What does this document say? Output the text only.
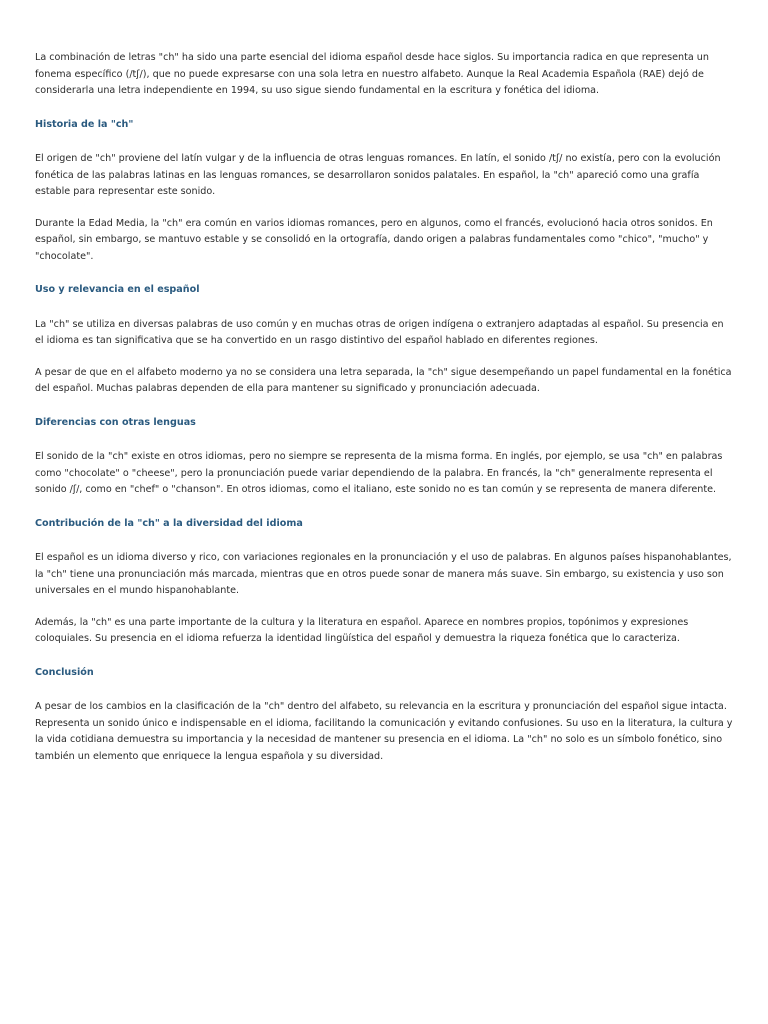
La combinación de letras "ch" ha sido una parte esencial del idioma español desde hace siglos. Su importancia radica en que representa un fonema específico (/tʃ/), que no puede expresarse con una sola letra en nuestro alfabeto. Aunque la Real Academia Española (RAE) dejó de considerarla una letra independiente en 1994, su uso sigue siendo fundamental en la escritura y fonética del idioma.

Historia de la "ch"

El origen de "ch" proviene del latín vulgar y de la influencia de otras lenguas romances. En latín, el sonido /tʃ/ no existía, pero con la evolución fonética de las palabras latinas en las lenguas romances, se desarrollaron sonidos palatales. En español, la "ch" apareció como una grafía estable para representar este sonido.

Durante la Edad Media, la "ch" era común en varios idiomas romances, pero en algunos, como el francés, evolucionó hacia otros sonidos. En español, sin embargo, se mantuvo estable y se consolidó en la ortografía, dando origen a palabras fundamentales como "chico", "mucho" y "chocolate".

Uso y relevancia en el español

La "ch" se utiliza en diversas palabras de uso común y en muchas otras de origen indígena o extranjero adaptadas al español. Su presencia en el idioma es tan significativa que se ha convertido en un rasgo distintivo del español hablado en diferentes regiones.

A pesar de que en el alfabeto moderno ya no se considera una letra separada, la "ch" sigue desempeñando un papel fundamental en la fonética del español. Muchas palabras dependen de ella para mantener su significado y pronunciación adecuada.

Diferencias con otras lenguas

El sonido de la "ch" existe en otros idiomas, pero no siempre se representa de la misma forma. En inglés, por ejemplo, se usa "ch" en palabras como "chocolate" o "cheese", pero la pronunciación puede variar dependiendo de la palabra. En francés, la "ch" generalmente representa el sonido /ʃ/, como en "chef" o "chanson". En otros idiomas, como el italiano, este sonido no es tan común y se representa de manera diferente.

Contribución de la "ch" a la diversidad del idioma

El español es un idioma diverso y rico, con variaciones regionales en la pronunciación y el uso de palabras. En algunos países hispanohablantes, la "ch" tiene una pronunciación más marcada, mientras que en otros puede sonar de manera más suave. Sin embargo, su existencia y uso son universales en el mundo hispanohablante.

Además, la "ch" es una parte importante de la cultura y la literatura en español. Aparece en nombres propios, topónimos y expresiones coloquiales. Su presencia en el idioma refuerza la identidad lingüística del español y demuestra la riqueza fonética que lo caracteriza.

Conclusión

A pesar de los cambios en la clasificación de la "ch" dentro del alfabeto, su relevancia en la escritura y pronunciación del español sigue intacta. Representa un sonido único e indispensable en el idioma, facilitando la comunicación y evitando confusiones. Su uso en la literatura, la cultura y la vida cotidiana demuestra su importancia y la necesidad de mantener su presencia en el idioma. La "ch" no solo es un símbolo fonético, sino también un elemento que enriquece la lengua española y su diversidad.
